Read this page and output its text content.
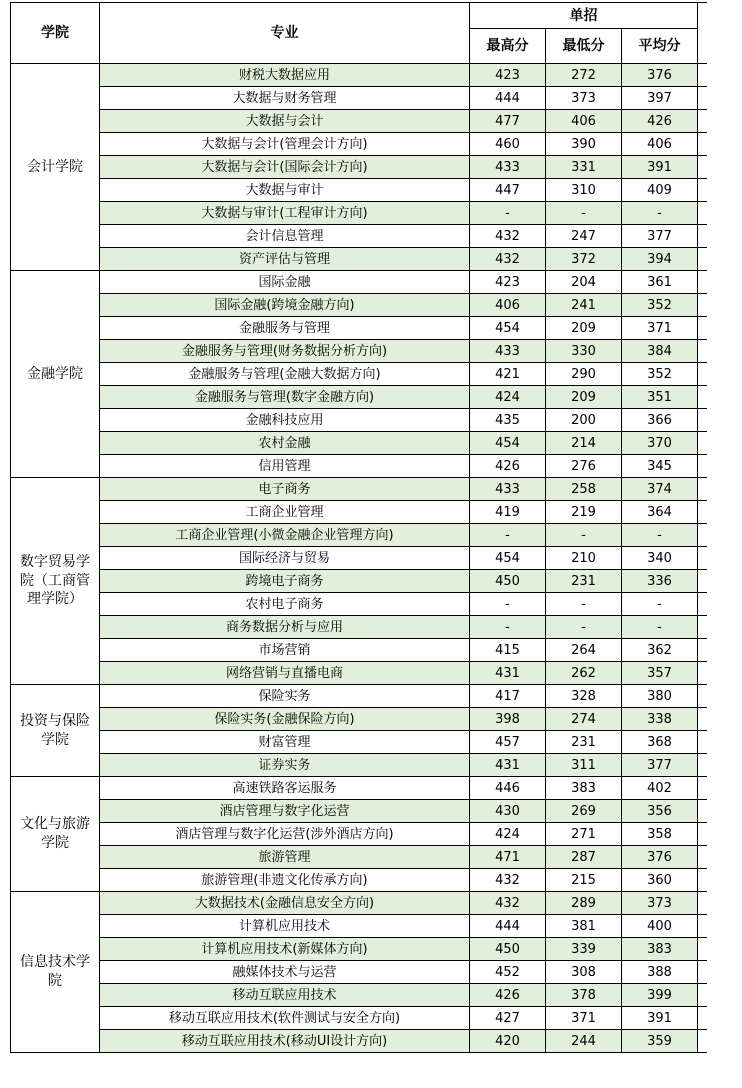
学院	专业	单招			
		最高分	最低分	平均分	
会计学院	财税大数据应用	423	272	376	
	大数据与财务管理	444	373	397	
	大数据与会计	477	406	426	
	大数据与会计(管理会计方向)	460	390	406	
	大数据与会计(国际会计方向)	433	331	391	
	大数据与审计	447	310	409	
	大数据与审计(工程审计方向)	-	-	-	
	会计信息管理	432	247	377	
	资产评估与管理	432	372	394	
金融学院	国际金融	423	204	361	
	国际金融(跨境金融方向)	406	241	352	
	金融服务与管理	454	209	371	
	金融服务与管理(财务数据分析方向)	433	330	384	
	金融服务与管理(金融大数据方向)	421	290	352	
	金融服务与管理(数字金融方向)	424	209	351	
	金融科技应用	435	200	366	
	农村金融	454	214	370	
	信用管理	426	276	345	
数字贸易学院（工商管理学院）	电子商务	433	258	374	
	工商企业管理	419	219	364	
	工商企业管理(小微金融企业管理方向)	-	-	-	
	国际经济与贸易	454	210	340	
	跨境电子商务	450	231	336	
	农村电子商务	-	-	-	
	商务数据分析与应用	-	-	-	
	市场营销	415	264	362	
	网络营销与直播电商	431	262	357	
投资与保险学院	保险实务	417	328	380	
	保险实务(金融保险方向)	398	274	338	
	财富管理	457	231	368	
	证券实务	431	311	377	
文化与旅游学院	高速铁路客运服务	446	383	402	
	酒店管理与数字化运营	430	269	356	
	酒店管理与数字化运营(涉外酒店方向)	424	271	358	
	旅游管理	471	287	376	
	旅游管理(非遗文化传承方向)	432	215	360	
信息技术学院	大数据技术(金融信息安全方向)	432	289	373	
	计算机应用技术	444	381	400	
	计算机应用技术(新媒体方向)	450	339	383	
	融媒体技术与运营	452	308	388	
	移动互联应用技术	426	378	399	
	移动互联应用技术(软件测试与安全方向)	427	371	391	
	移动互联应用技术(移动UI设计方向)	420	244	359	
